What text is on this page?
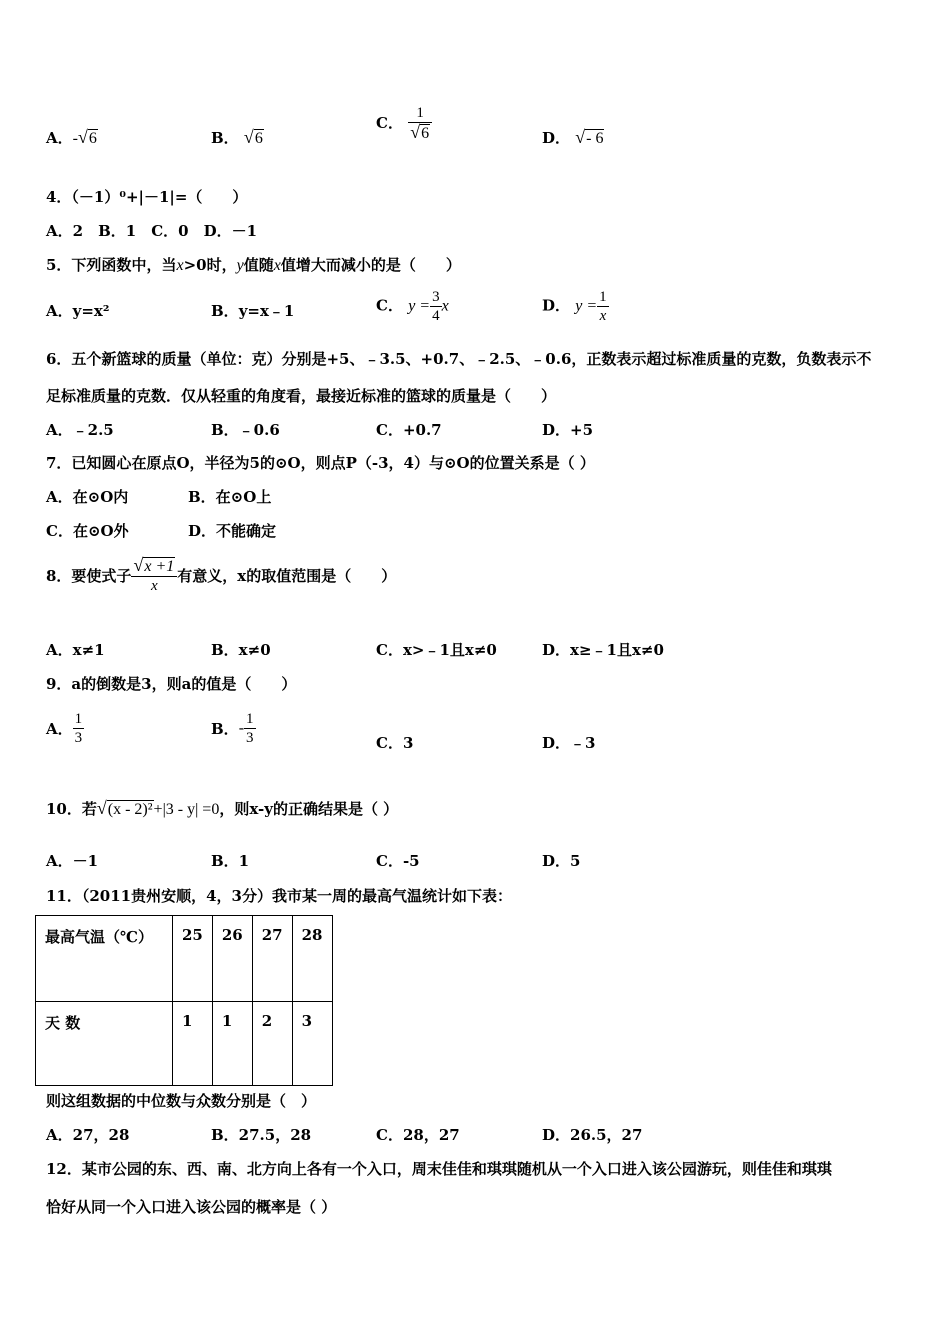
A．-√6	B． √6
C． $\frac{1}{√6}$	D． √- 6
4．（－1）⁰+|－1|=（　　）
A．2　B．1　C．0　D．－1
5．下列函数中，当x>0时，y值随x值增大而减小的是（　　）
A．y=x²	B．y=x﹣1	C． $y = \frac{3}{4}$ x	D． $y = \frac{1}{x}$
6．五个新篮球的质量（单位：克）分别是+5、﹣3.5、+0.7、﹣2.5、﹣0.6，正数表示超过标准质量的克数，负数表示不
足标准质量的克数．仅从轻重的角度看，最接近标准的篮球的质量是（　　）
A．﹣2.5	B．﹣0.6	C．+0.7	D．+5
7．已知圆心在原点O，半径为5的⊙O，则点P（-3，4）与⊙O的位置关系是（ ）
A．在⊙O内	B．在⊙O上
C．在⊙O外	D．不能确定
8．要使式子 $\frac{√x +1}{x}$ 有意义，x的取值范围是（　　）
A．x≠1	B．x≠0	C．x>﹣1且x≠0	D．x≥﹣1且x≠0
9．a的倒数是3，则a的值是（　　）
A． $\frac{1}{3}$	B．- $\frac{1}{3}$	C．3	D．﹣3
10．若√(x - 2)²+|3 - y| =0，则x-y的正确结果是（ ）
A．－1	B．1	C．-5	D．5
11．（2011贵州安顺，4，3分）我市某一周的最高气温统计如下表：
最高气温（℃）	25	26	27	28
天 数	1	1	2	3
则这组数据的中位数与众数分别是（　）
A．27，28	B．27.5，28	C．28，27	D．26.5，27
12．某市公园的东、西、南、北方向上各有一个入口，周末佳佳和琪琪随机从一个入口进入该公园游玩，则佳佳和琪琪
恰好从同一个入口进入该公园的概率是（ ）
